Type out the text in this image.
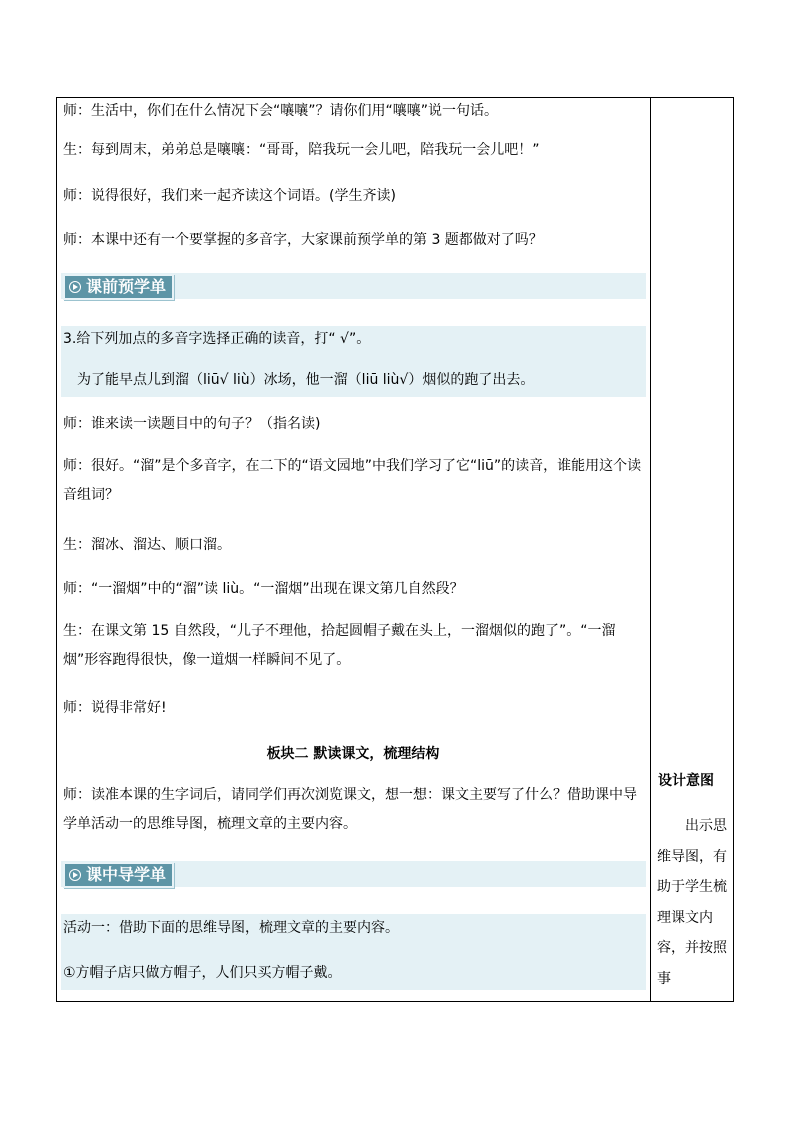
师：生活中，你们在什么情况下会“嚷嚷”？请你们用“嚷嚷”说一句话。
生：每到周末，弟弟总是嚷嚷：“哥哥，陪我玩一会儿吧，陪我玩一会儿吧！”
师：说得很好，我们来一起齐读这个词语。(学生齐读)
师：本课中还有一个要掌握的多音字，大家课前预学单的第 3 题都做对了吗？
课前预学单
3.给下列加点的多音字选择正确的读音，打“ √”。
为了能早点儿到溜（liū√ liù）冰场，他一溜（liū liù√）烟似的跑了出去。
师：谁来读一读题目中的句子？（指名读)
师：很好。“溜”是个多音字，在二下的“语文园地”中我们学习了它“liū”的读音，谁能用这个读音组词？
生：溜冰、溜达、顺口溜。
师：“一溜烟”中的“溜”读 liù。“一溜烟”出现在课文第几自然段？
生：在课文第 15 自然段，“儿子不理他，拾起圆帽子戴在头上，一溜烟似的跑了”。“一溜烟”形容跑得很快，像一道烟一样瞬间不见了。
师：说得非常好!
板块二 默读课文，梳理结构
师：读准本课的生字词后，请同学们再次浏览课文，想一想：课文主要写了什么？借助课中导学单活动一的思维导图，梳理文章的主要内容。
课中导学单
活动一：借助下面的思维导图，梳理文章的主要内容。
①方帽子店只做方帽子，人们只买方帽子戴。
设计意图
出示思维导图，有助于学生梳理课文内容，并按照事
